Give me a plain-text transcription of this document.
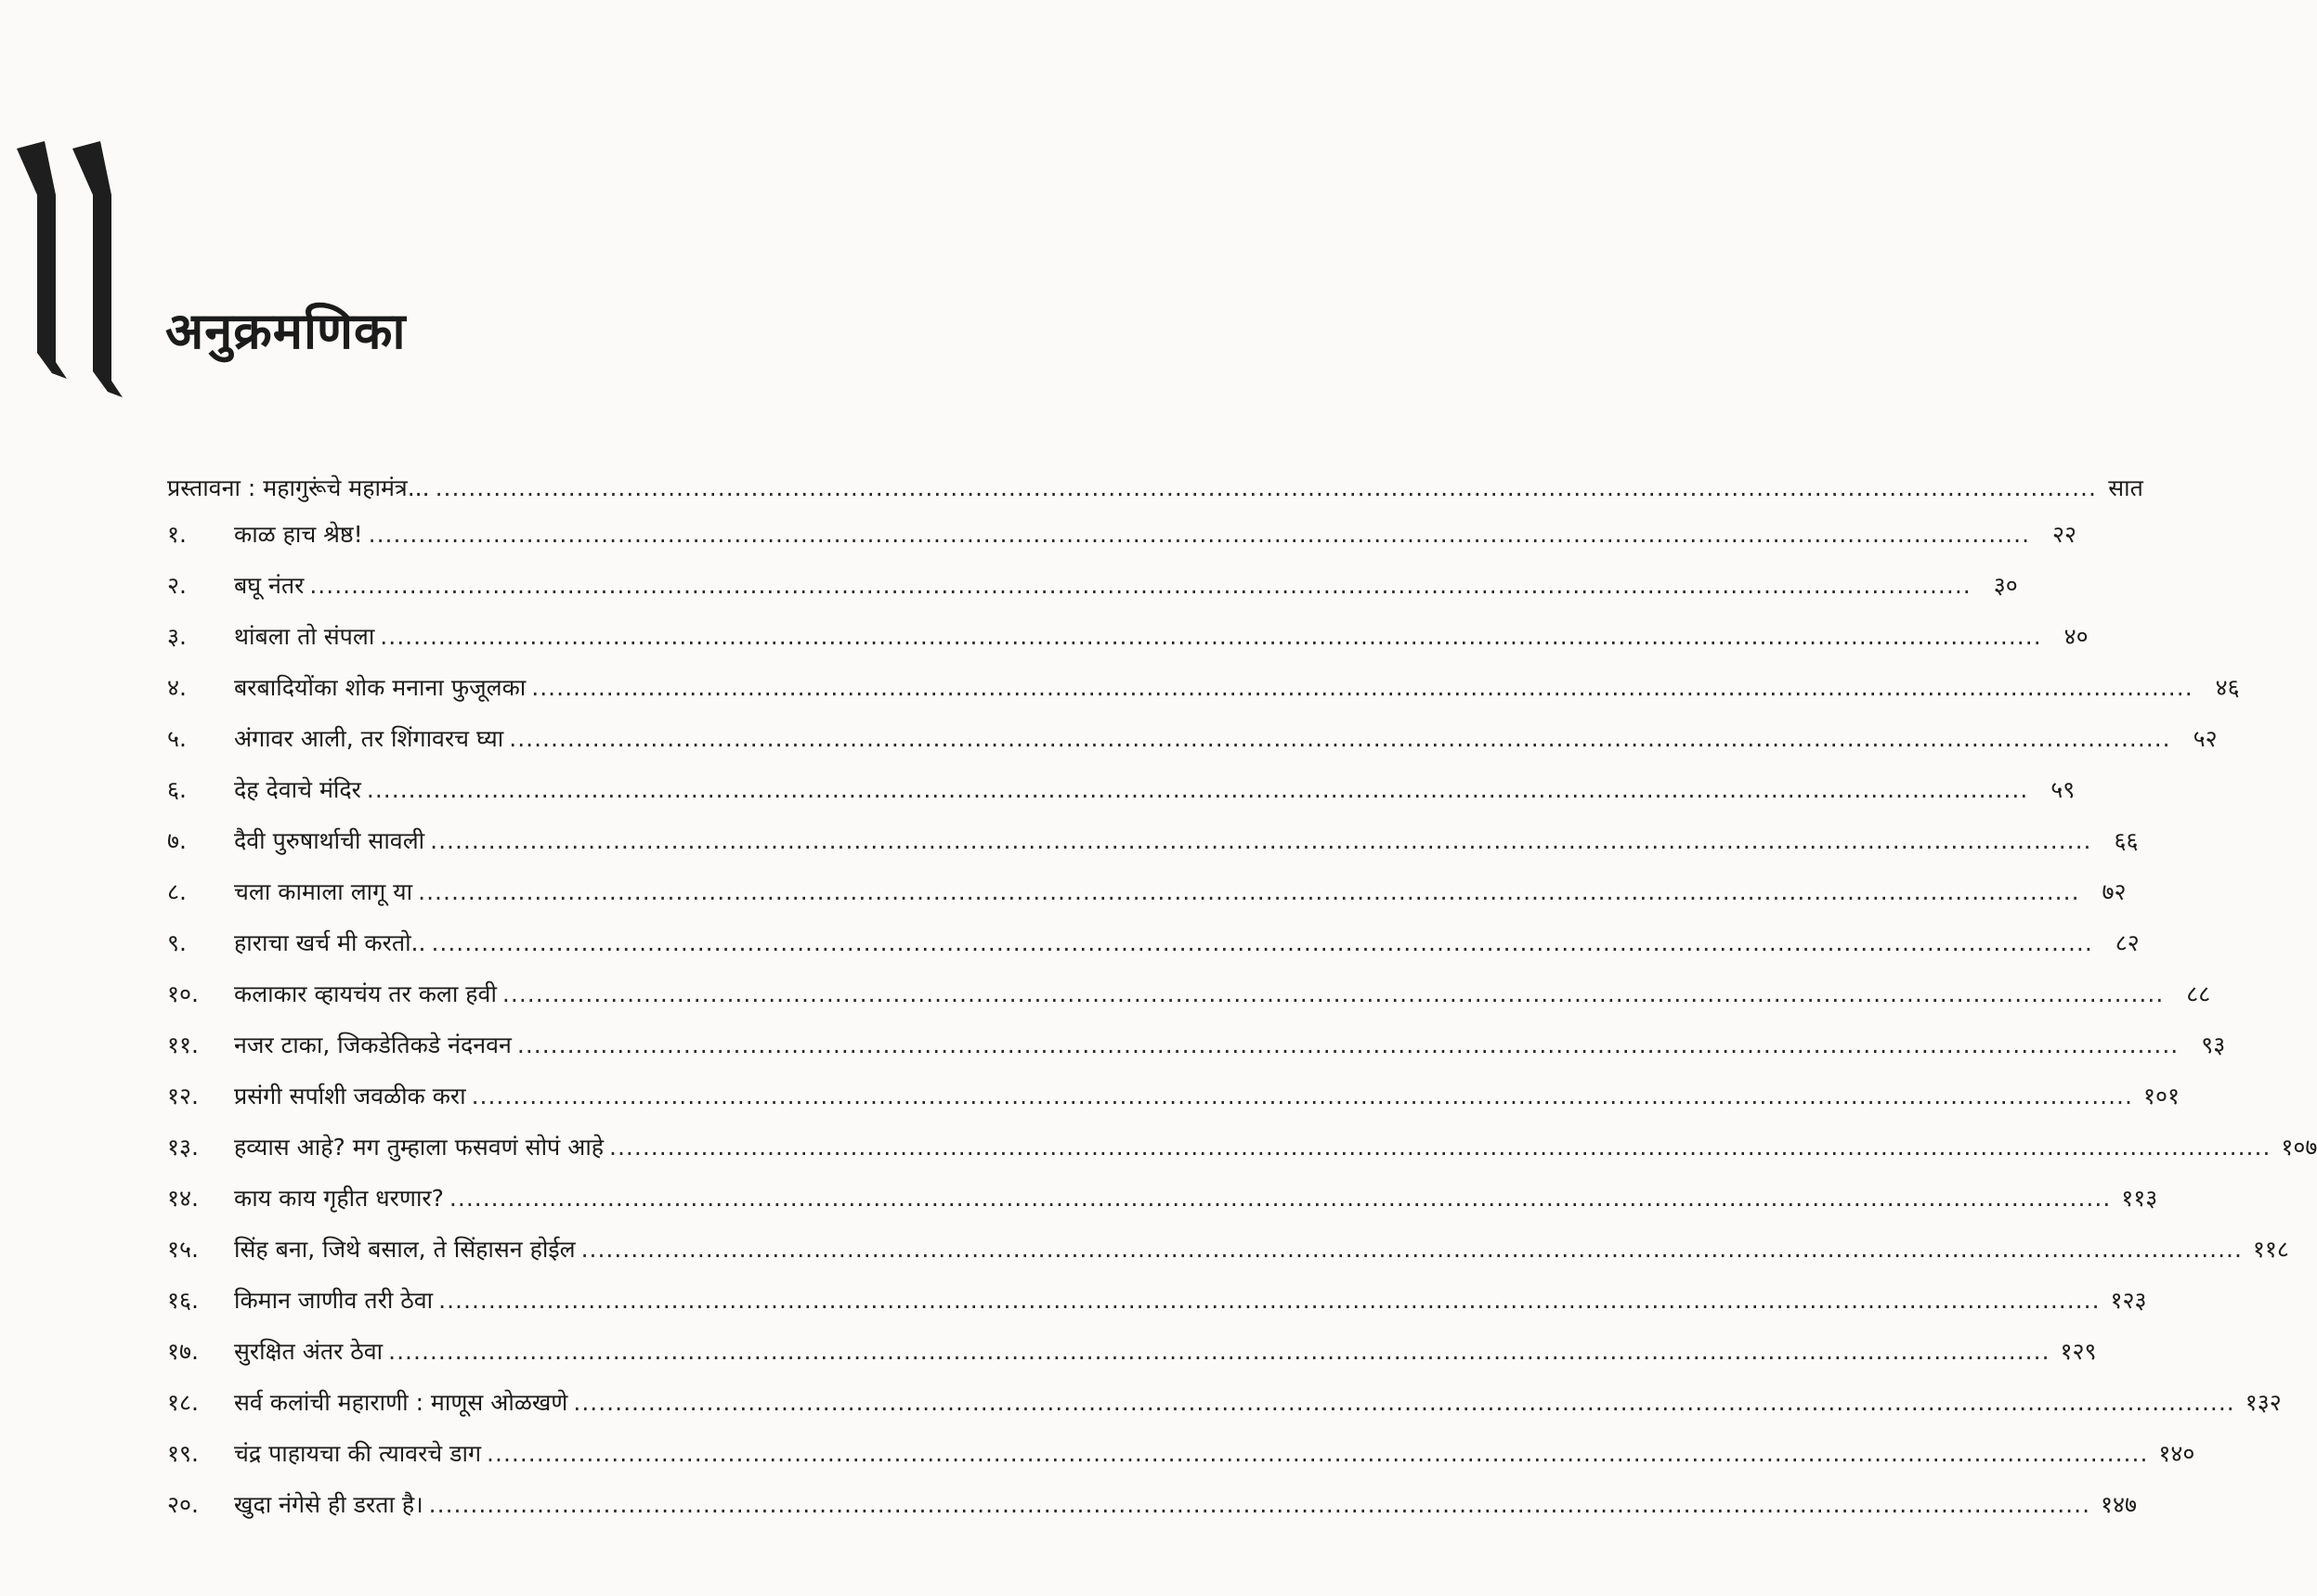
अनुक्रमणिका
प्रस्तावना : महागुरूंचे महामंत्र... ........................................................................................................................................................................................................ सात
१.	काळ हाच श्रेष्ठ! ........................................................................................................................................................................................................ २२
२.	बघू नंतर ........................................................................................................................................................................................................ ३०
३.	थांबला तो संपला ........................................................................................................................................................................................................ ४०
४.	बरबादियोंका शोक मनाना फुजूलका ........................................................................................................................................................................................................ ४६
५.	अंगावर आली, तर शिंगावरच घ्या ........................................................................................................................................................................................................ ५२
६.	देह देवाचे मंदिर ........................................................................................................................................................................................................ ५९
७.	दैवी पुरुषार्थाची सावली ........................................................................................................................................................................................................ ६६
८.	चला कामाला लागू या ........................................................................................................................................................................................................ ७२
९.	हाराचा खर्च मी करतो.. ........................................................................................................................................................................................................ ८२
१०.	कलाकार व्हायचंय तर कला हवी ........................................................................................................................................................................................................ ८८
११.	नजर टाका, जिकडेतिकडे नंदनवन ........................................................................................................................................................................................................ ९३
१२.	प्रसंगी सर्पाशी जवळीक करा ........................................................................................................................................................................................................ १०१
१३.	हव्यास आहे? मग तुम्हाला फसवणं सोपं आहे ........................................................................................................................................................................................................ १०७
१४.	काय काय गृहीत धरणार? ........................................................................................................................................................................................................ ११३
१५.	सिंह बना, जिथे बसाल, ते सिंहासन होईल ........................................................................................................................................................................................................ ११८
१६.	किमान जाणीव तरी ठेवा ........................................................................................................................................................................................................ १२३
१७.	सुरक्षित अंतर ठेवा ........................................................................................................................................................................................................ १२९
१८.	सर्व कलांची महाराणी : माणूस ओळखणे ........................................................................................................................................................................................................ १३२
१९.	चंद्र पाहायचा की त्यावरचे डाग ........................................................................................................................................................................................................ १४०
२०.	खुदा नंगेसे ही डरता है। ........................................................................................................................................................................................................ १४७
